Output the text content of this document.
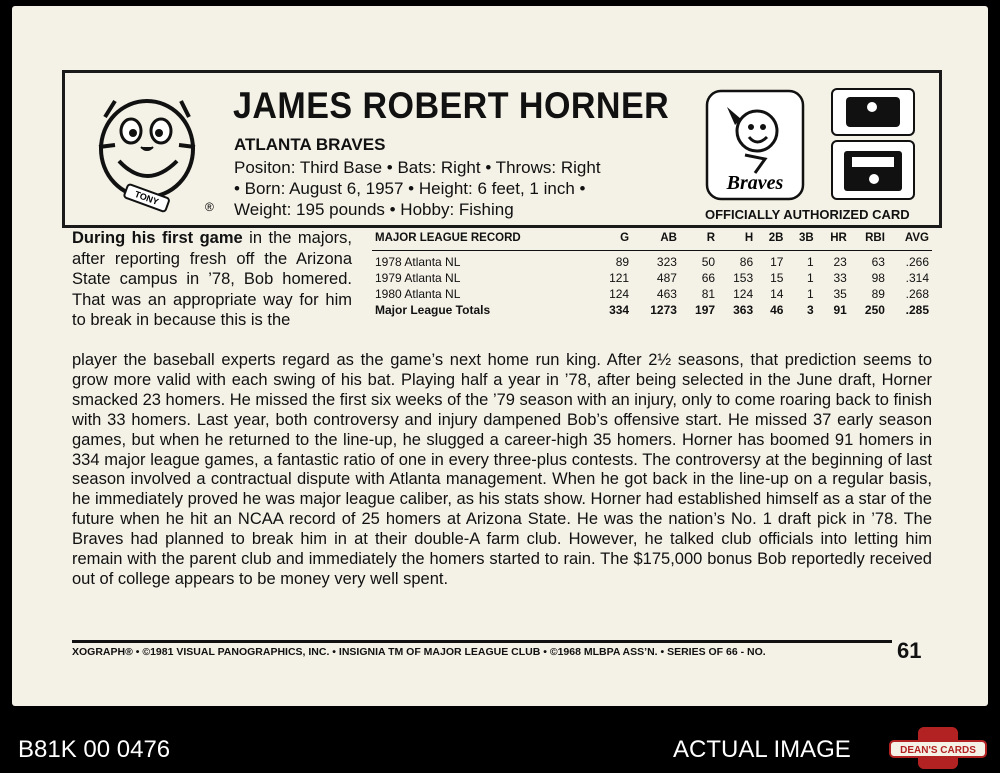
TONY
®
JAMES ROBERT HORNER
ATLANTA BRAVES
Positon: Third Base • Bats: Right • Throws: Right
• Born: August 6, 1957 • Height: 6 feet, 1 inch •
Weight: 195 pounds • Hobby: Fishing
Braves
OFFICIALLY AUTHORIZED CARD
During his first game in the majors, after reporting fresh off the Arizona State campus in ’78, Bob homered. That was an appropriate way for him to break in because this is the
MAJOR LEAGUE RECORD	G	AB	R	H	2B	3B	HR	RBI	AVG

1978 Atlanta NL	89	323	50	86	17	1	23	63	.266
1979 Atlanta NL	121	487	66	153	15	1	33	98	.314
1980 Atlanta NL	124	463	81	124	14	1	35	89	.268
Major League Totals	334	1273	197	363	46	3	91	250	.285
player the baseball experts regard as the game’s next home run king. After 2½ seasons, that prediction seems to grow more valid with each swing of his bat. Playing half a year in ’78, after being selected in the June draft, Horner smacked 23 homers. He missed the first six weeks of the ’79 season with an injury, only to come roaring back to finish with 33 homers. Last year, both controversy and injury dampened Bob’s offensive start. He missed 37 early season games, but when he returned to the line-up, he slugged a career-high 35 homers. Horner has boomed 91 homers in 334 major league games, a fantastic ratio of one in every three-plus contests. The controversy at the beginning of last season involved a contractual dispute with Atlanta management. When he got back in the line-up on a regular basis, he immediately proved he was major league caliber, as his stats show. Horner had established himself as a star of the future when he hit an NCAA record of 25 homers at Arizona State. He was the nation’s No. 1 draft pick in ’78. The Braves had planned to break him in at their double-A farm club. However, he talked club officials into letting him remain with the parent club and immediately the homers started to rain. The $175,000 bonus Bob reportedly received out of college appears to be money very well spent.
XOGRAPH® • ©1981 VISUAL PANOGRAPHICS, INC. • INSIGNIA TM OF MAJOR LEAGUE CLUB • ©1968 MLBPA ASS’N. • SERIES OF 66 - NO.	61
B81K 00 0476	ACTUAL IMAGE	DEAN'S CARDS
